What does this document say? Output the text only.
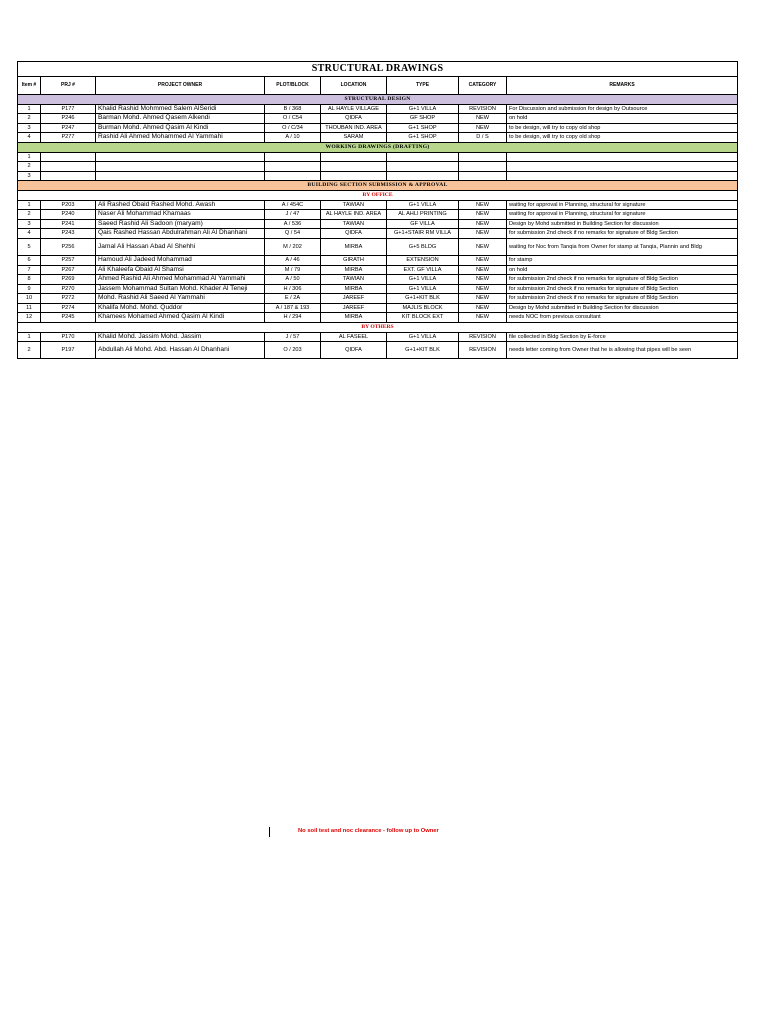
STRUCTURAL DRAWINGS							
Item #	PRJ #	PROJECT OWNER	PLOT/BLOCK	LOCATION	TYPE	CATEGORY	REMARKS
STRUCTURAL DESIGN							
1	P177	Khalid Rashid Mohmmed Salem AlSeridi	B / 368	AL HAYLE VILLAGE	G+1 VILLA	REVISION	For Discussion and submission for design by Outsource
2	P246	Barman Mohd. Ahmed Qasem Alkendi	O / C54	QIDFA	GF SHOP	NEW	on hold
3	P247	Burman Mohd. Ahmed Qasim Al Kindi	O / C/34	THOUBAN IND. AREA	G+1 SHOP	NEW	to be design, will try to copy old shop
4	P277	Rashid Ali Ahmed Mohammed Al Yammahi	A / 10	SARAM	G+1 SHOP	D / S	to be design, will try to copy old shop
WORKING DRAWINGS (DRAFTING)							
1							
2							
3							
BUILDING SECTION SUBMISSION & APPROVAL							
BY OFFICE							
1	P203	Ali Rashed Obaid Rashed Mohd. Awash	A / 454C	TAWIAN	G+1 VILLA	NEW	waiting for approval in Planning, structural for signature
2	P240	Naser Ali Mohammad Khamaas	J / 47	AL HAYLE IND. AREA	AL AHLI PRINTING	NEW	waiting for approval in Planning, structural for signature
3	P241	Saeed Rashid Ali Sadoon (maryam)	A / 536	TAWIAN	GF VILLA	NEW	Design by Mohd submitted in Building Section for discussion
4	P243	Qais Rashed Hassan Abdulrahman Ali Al Dhanhani	Q / 54	QIDFA	G+1+STAIR RM VILLA	NEW	for submission 2nd check if no remarks for signature of Bldg Section
5	P256	Jamal Ali Hassan Abad Al Shehhi	M / 202	MIRBA	G+5 BLDG	NEW	waiting for Noc from Tanqia from Owner for stamp at Tanqia, Plannin and Bldg
6	P257	Hamoud Ali Jadeed Mohammad	A / 46	GIRATH	EXTENSION	NEW	for stamp
7	P267	Ali Khaleefa Obaid Al Shamsi	M / 79	MIRBA	EXT. GF VILLA	NEW	on hold
8	P269	Ahmed Rashid Ali Ahmed Mohammad Al Yammahi	A / 50	TAWIAN	G+1 VILLA	NEW	for submission 2nd check if no remarks for signature of Bldg Section
9	P270	Jassem Mohammad Sultan Mohd. Khader Al Teneji	H / 306	MIRBA	G+1 VILLA	NEW	for submission 2nd check if no remarks for signature of Bldg Section
10	P272	Mohd. Rashid Ali Saeed Al Yammahi	E / 2A	JAREEF	G+1+KIT BLK	NEW	for submission 2nd check if no remarks for signature of Bldg Section
11	P274	Khalifa Mohd. Mohd. Quddor	A / 187 & 193	JAREEF	MAJLIS BLOCK	NEW	Design by Mohd submitted in Building Section for discussion
12	P245	Khamees Mohamed Ahmed Qasim Al Kindi	H / 294	MIRBA	KIT BLOCK EXT	NEW	needs NOC from previous consultant
BY OTHERS							
1	P170	Khalid Mohd. Jassim Mohd. Jassim	J / 57	AL FASEEL	G+1 VILLA	REVISION	file collected in Bldg Section by E-force
2	P197	Abdullah Ali Mohd. Abd. Hassan Al Dhanhani	O / 203	QIDFA	G+1+KIT BLK	REVISION	needs letter coming from Owner that he is allowing that pipes will be seen
No soil test and noc clearance - follow up to Owner
